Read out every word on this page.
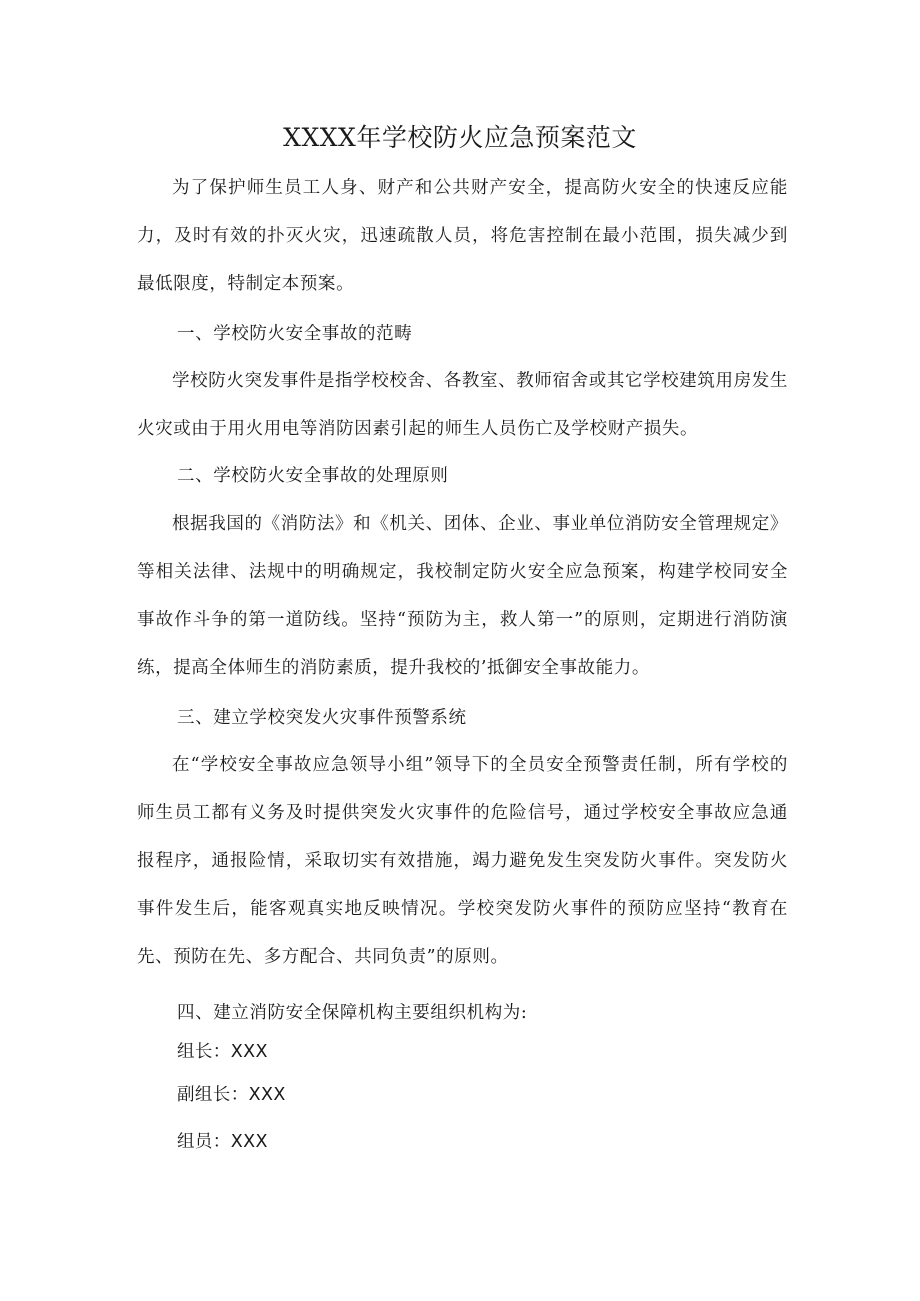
XXXX年学校防火应急预案范文

为了保护师生员工人身、财产和公共财产安全，提高防火安全的快速反应能力，及时有效的扑灭火灾，迅速疏散人员，将危害控制在最小范围，损失减少到最低限度，特制定本预案。

一、学校防火安全事故的范畴

学校防火突发事件是指学校校舍、各教室、教师宿舍或其它学校建筑用房发生火灾或由于用火用电等消防因素引起的师生人员伤亡及学校财产损失。

二、学校防火安全事故的处理原则

根据我国的《消防法》和《机关、团体、企业、事业单位消防安全管理规定》等相关法律、法规中的明确规定，我校制定防火安全应急预案，构建学校同安全事故作斗争的第一道防线。坚持“预防为主，救人第一”的原则，定期进行消防演练，提高全体师生的消防素质，提升我校的’抵御安全事故能力。

三、建立学校突发火灾事件预警系统

在“学校安全事故应急领导小组”领导下的全员安全预警责任制，所有学校的师生员工都有义务及时提供突发火灾事件的危险信号，通过学校安全事故应急通报程序，通报险情，采取切实有效措施，竭力避免发生突发防火事件。突发防火事件发生后，能客观真实地反映情况。学校突发防火事件的预防应坚持“教育在先、预防在先、多方配合、共同负责”的原则。

四、建立消防安全保障机构主要组织机构为:

组长：XXX
副组长：XXX
组员：XXX
